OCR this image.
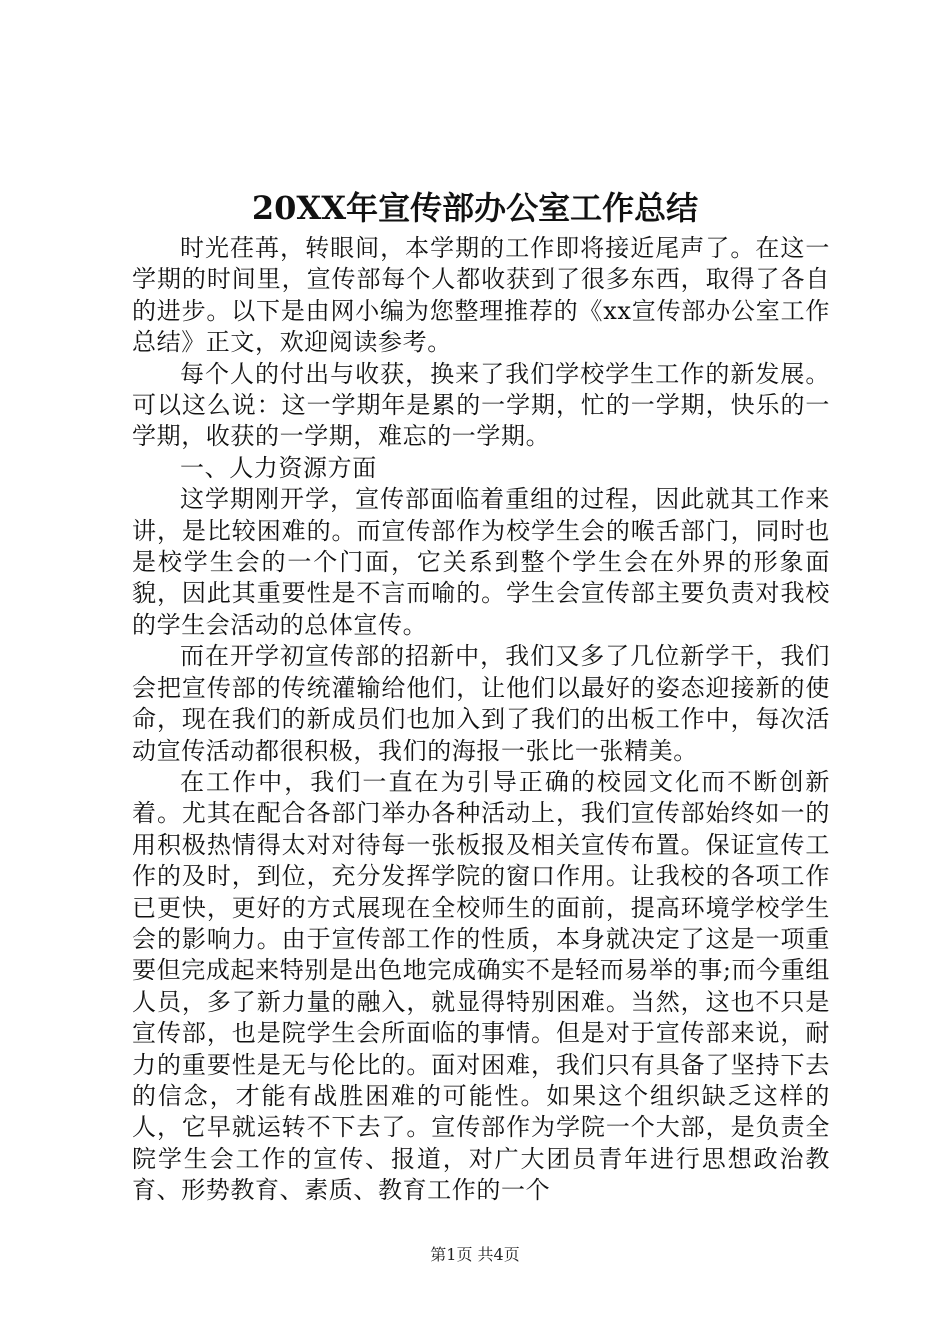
20XX年宣传部办公室工作总结

时光荏苒，转眼间，本学期的工作即将接近尾声了。在这一学期的时间里，宣传部每个人都收获到了很多东西，取得了各自的进步。以下是由网小编为您整理推荐的《xx宣传部办公室工作总结》正文，欢迎阅读参考。

每个人的付出与收获，换来了我们学校学生工作的新发展。可以这么说：这一学期年是累的一学期，忙的一学期，快乐的一学期，收获的一学期，难忘的一学期。

一、人力资源方面

这学期刚开学，宣传部面临着重组的过程，因此就其工作来讲，是比较困难的。而宣传部作为校学生会的喉舌部门，同时也是校学生会的一个门面，它关系到整个学生会在外界的形象面貌，因此其重要性是不言而喻的。学生会宣传部主要负责对我校的学生会活动的总体宣传。

而在开学初宣传部的招新中，我们又多了几位新学干，我们会把宣传部的传统灌输给他们，让他们以最好的姿态迎接新的使命，现在我们的新成员们也加入到了我们的出板工作中，每次活动宣传活动都很积极，我们的海报一张比一张精美。

在工作中，我们一直在为引导正确的校园文化而不断创新着。尤其在配合各部门举办各种活动上，我们宣传部始终如一的用积极热情得太对对待每一张板报及相关宣传布置。保证宣传工作的及时，到位，充分发挥学院的窗口作用。让我校的各项工作已更快，更好的方式展现在全校师生的面前，提高环境学校学生会的影响力。由于宣传部工作的性质，本身就决定了这是一项重要但完成起来特别是出色地完成确实不是轻而易举的事;而今重组人员，多了新力量的融入，就显得特别困难。当然，这也不只是宣传部，也是院学生会所面临的事情。但是对于宣传部来说，耐力的重要性是无与伦比的。面对困难，我们只有具备了坚持下去的信念，才能有战胜困难的可能性。如果这个组织缺乏这样的人，它早就运转不下去了。宣传部作为学院一个大部，是负责全院学生会工作的宣传、报道，对广大团员青年进行思想政治教育、形势教育、素质、教育工作的一个

第1页 共4页
